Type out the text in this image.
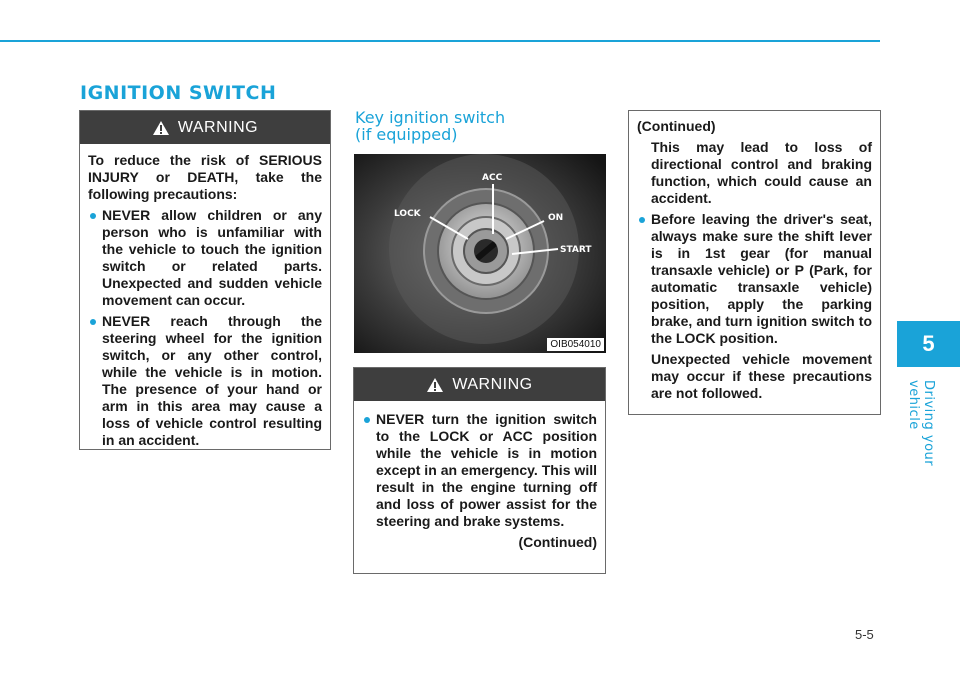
IGNITION SWITCH
WARNING

To reduce the risk of SERIOUS INJURY or DEATH, take the following precautions:

NEVER allow children or any person who is unfamiliar with the vehicle to touch the ignition switch or related parts. Unexpected and sudden vehicle movement can occur.
NEVER reach through the steering wheel for the ignition switch, or any other control, while the vehicle is in motion. The presence of your hand or arm in this area may cause a loss of vehicle control resulting in an accident.
Key ignition switch
(if equipped)
ACC
LOCK	ON
START
OIB054010
WARNING
NEVER turn the ignition switch to the LOCK or ACC position while the vehicle is in motion except in an emergency. This will result in the engine turning off and loss of power assist for the steering and brake systems.

(Continued)

(Continued)

This may lead to loss of directional control and braking function, which could cause an accident.

Before leaving the driver's seat, always make sure the shift lever is in 1st gear (for manual transaxle vehicle) or P (Park, for automatic transaxle vehicle) position, apply the parking brake, and turn ignition switch to the LOCK position.

Unexpected vehicle movement may occur if these precautions are not followed.

5
Driving your vehicle
5-5
